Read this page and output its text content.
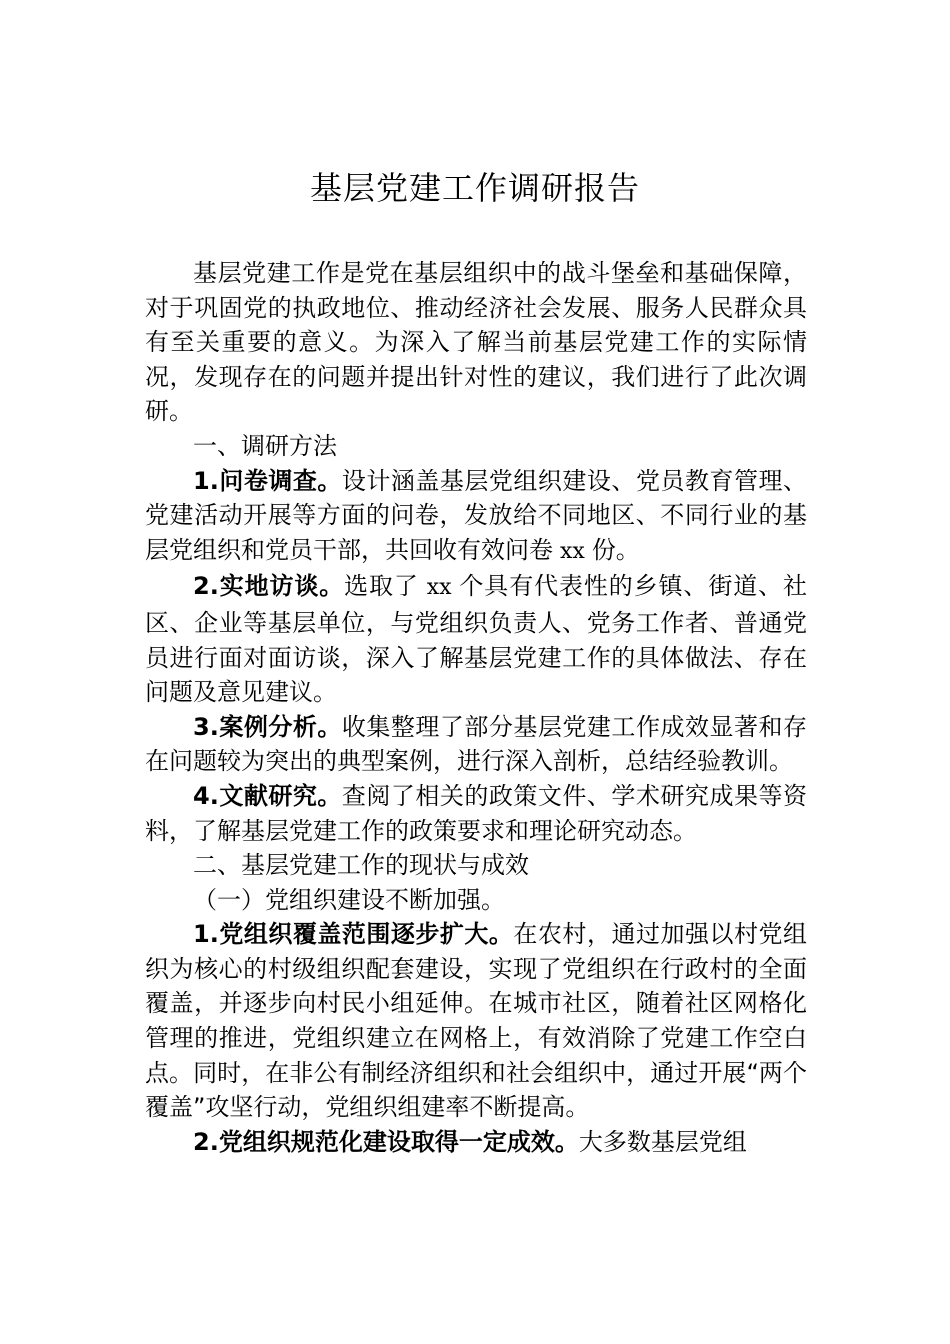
基层党建工作调研报告

基层党建工作是党在基层组织中的战斗堡垒和基础保障，对于巩固党的执政地位、推动经济社会发展、服务人民群众具有至关重要的意义。为深入了解当前基层党建工作的实际情况，发现存在的问题并提出针对性的建议，我们进行了此次调研。

一、调研方法

1.问卷调查。设计涵盖基层党组织建设、党员教育管理、党建活动开展等方面的问卷，发放给不同地区、不同行业的基层党组织和党员干部，共回收有效问卷 xx 份。

2.实地访谈。选取了 xx 个具有代表性的乡镇、街道、社区、企业等基层单位，与党组织负责人、党务工作者、普通党员进行面对面访谈，深入了解基层党建工作的具体做法、存在问题及意见建议。

3.案例分析。收集整理了部分基层党建工作成效显著和存在问题较为突出的典型案例，进行深入剖析，总结经验教训。

4.文献研究。查阅了相关的政策文件、学术研究成果等资料，了解基层党建工作的政策要求和理论研究动态。

二、基层党建工作的现状与成效

（一）党组织建设不断加强。

1.党组织覆盖范围逐步扩大。在农村，通过加强以村党组织为核心的村级组织配套建设，实现了党组织在行政村的全面覆盖，并逐步向村民小组延伸。在城市社区，随着社区网格化管理的推进，党组织建立在网格上，有效消除了党建工作空白点。同时，在非公有制经济组织和社会组织中，通过开展“两个覆盖”攻坚行动，党组织组建率不断提高。

2.党组织规范化建设取得一定成效。大多数基层党组
